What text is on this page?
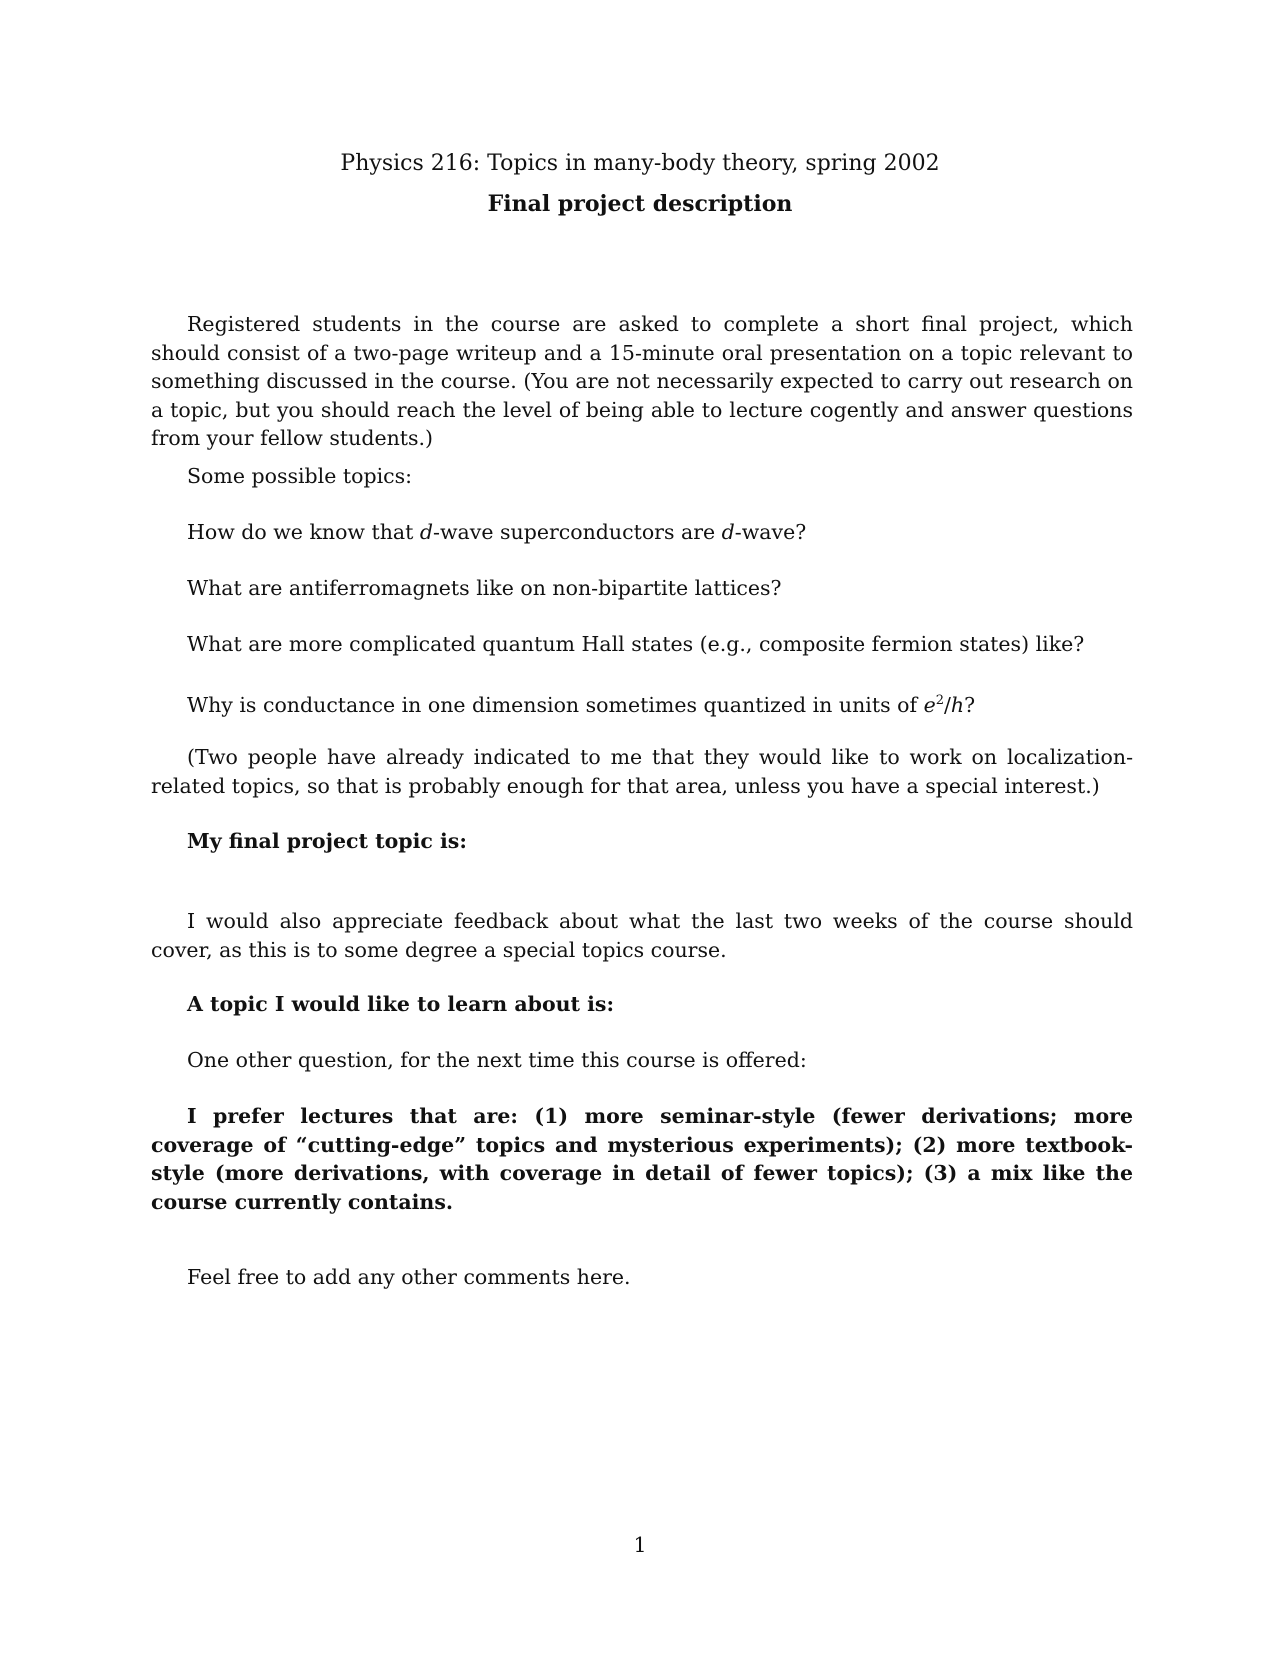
Physics 216: Topics in many-body theory, spring 2002
Final project description

Registered students in the course are asked to complete a short final project, which should consist of a two-page writeup and a 15-minute oral presentation on a topic relevant to something discussed in the course. (You are not necessarily expected to carry out research on a topic, but you should reach the level of being able to lecture cogently and answer questions from your fellow students.)

Some possible topics:

How do we know that d-wave superconductors are d-wave?

What are antiferromagnets like on non-bipartite lattices?

What are more complicated quantum Hall states (e.g., composite fermion states) like?

Why is conductance in one dimension sometimes quantized in units of $e^2/h$?

(Two people have already indicated to me that they would like to work on localization-related topics, so that is probably enough for that area, unless you have a special interest.)

My final project topic is:

I would also appreciate feedback about what the last two weeks of the course should cover, as this is to some degree a special topics course.

A topic I would like to learn about is:

One other question, for the next time this course is offered:

I prefer lectures that are: (1) more seminar-style (fewer derivations; more coverage of “cutting-edge” topics and mysterious experiments); (2) more textbook-style (more derivations, with coverage in detail of fewer topics); (3) a mix like the course currently contains.

Feel free to add any other comments here.

1
